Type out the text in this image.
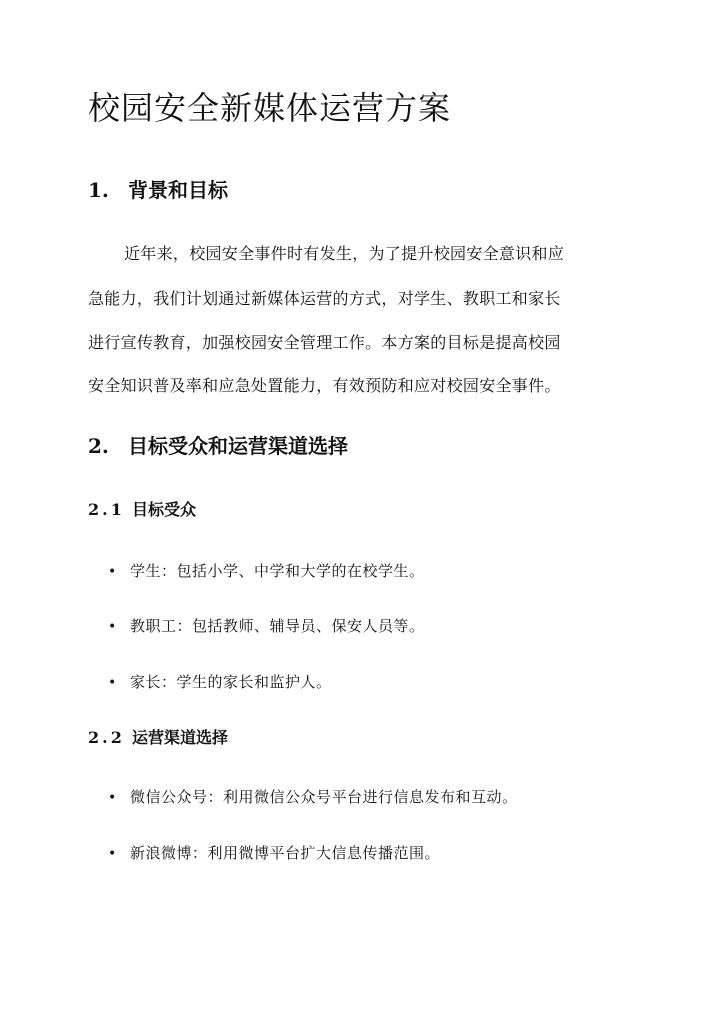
校园安全新媒体运营方案
1. 背景和目标

近年来，校园安全事件时有发生，为了提升校园安全意识和应

急能力，我们计划通过新媒体运营的方式，对学生、教职工和家长

进行宣传教育，加强校园安全管理工作。本方案的目标是提高校园

安全知识普及率和应急处置能力，有效预防和应对校园安全事件。

2. 目标受众和运营渠道选择
2.1 目标受众

• 学生：包括小学、中学和大学的在校学生。

• 教职工：包括教师、辅导员、保安人员等。

• 家长：学生的家长和监护人。

2.2 运营渠道选择

• 微信公众号：利用微信公众号平台进行信息发布和互动。

• 新浪微博：利用微博平台扩大信息传播范围。
